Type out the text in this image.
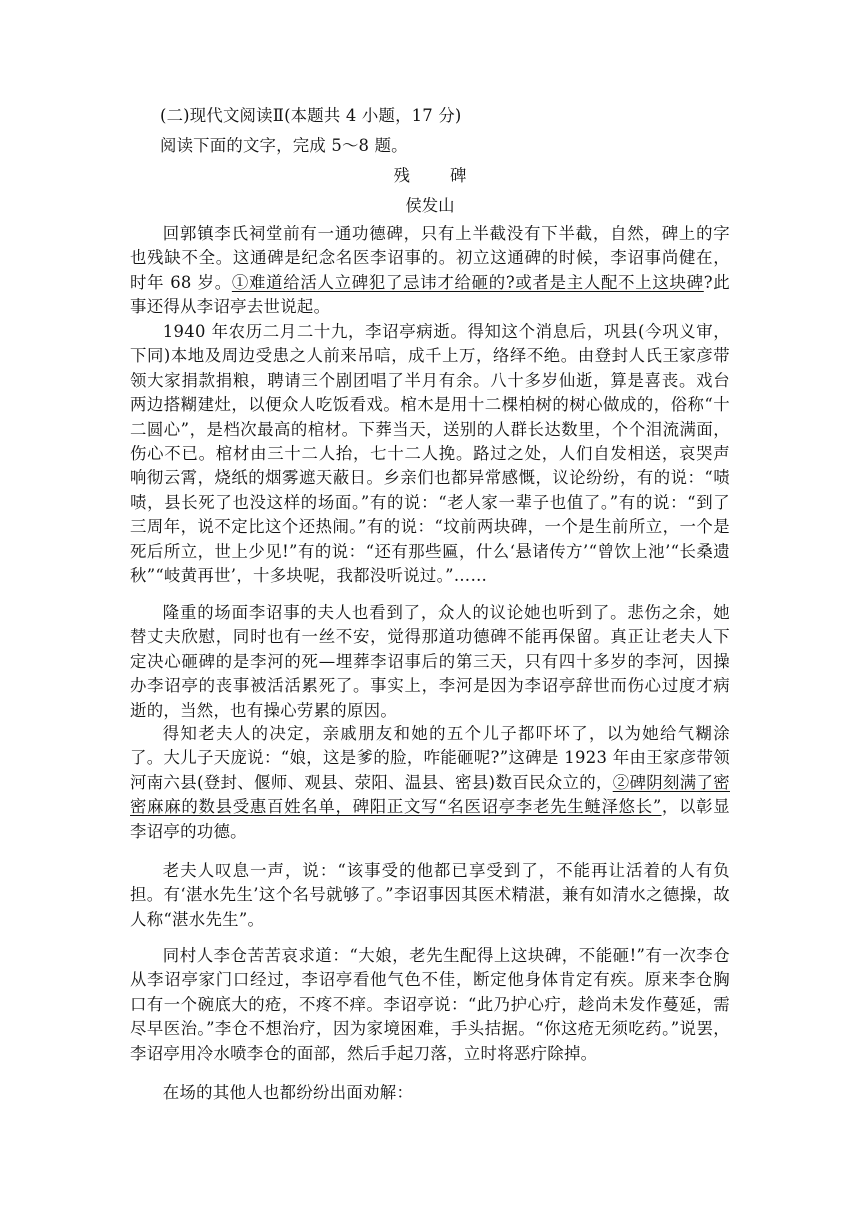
(二)现代文阅读Ⅱ(本题共 4 小题，17 分)
阅读下面的文字，完成 5～8 题。
残碑
侯发山
回郭镇李氏祠堂前有一通功德碑，只有上半截没有下半截，自然，碑上的字也残缺不全。这通碑是纪念名医李诏事的。初立这通碑的时候，李诏事尚健在，时年 68 岁。①难道给活人立碑犯了忌讳才给砸的?或者是主人配不上这块碑?此事还得从李诏亭去世说起。
1940 年农历二月二十九，李诏亭病逝。得知这个消息后，巩县(今巩义审，下同)本地及周边受患之人前来吊唁，成千上万，络绎不绝。由登封人氏王家彦带领大家捐款捐粮，聘请三个剧团唱了半月有余。八十多岁仙逝，算是喜丧。戏台两边搭糊建灶，以便众人吃饭看戏。棺木是用十二棵柏树的树心做成的，俗称“十二圆心”，是档次最高的棺材。下葬当天，送别的人群长达数里，个个泪流满面，伤心不已。棺材由三十二人抬，七十二人挽。路过之处，人们自发相送，哀哭声响彻云霄，烧纸的烟雾遮天蔽日。乡亲们也都异常感慨，议论纷纷，有的说：“啧啧，县长死了也没这样的场面。”有的说：“老人家一辈子也值了。”有的说：“到了三周年，说不定比这个还热闹。”有的说：“坟前两块碑，一个是生前所立，一个是死后所立，世上少见!”有的说：“还有那些匾，什么‘悬诸传方’“曾饮上池’“长桑遗秋”“岐黄再世’，十多块呢，我都没听说过。”……
隆重的场面李诏事的夫人也看到了，众人的议论她也听到了。悲伤之余，她替丈夫欣慰，同时也有一丝不安，觉得那道功德碑不能再保留。真正让老夫人下定决心砸碑的是李河的死—埋葬李诏事后的第三天，只有四十多岁的李河，因操办李诏亭的丧事被活活累死了。事实上，李河是因为李诏亭辞世而伤心过度才病逝的，当然，也有操心劳累的原因。
得知老夫人的决定，亲戚朋友和她的五个儿子都吓坏了，以为她给气糊涂了。大儿子天庞说：“娘，这是爹的脸，咋能砸呢?”这碑是 1923 年由王家彦带领河南六县(登封、偃师、观县、荥阳、温县、密县)数百民众立的，②碑阴刻满了密密麻麻的数县受惠百姓名单，碑阳正文写“名医诏亭李老先生鲢泽悠长”，以彰显李诏亭的功德。
老夫人叹息一声，说：“该事受的他都已享受到了，不能再让活着的人有负担。有‘湛水先生’这个名号就够了。”李诏事因其医术精湛，兼有如清水之德操，故人称“湛水先生”。
同村人李仓苦苦哀求道：“大娘，老先生配得上这块碑，不能砸!”有一次李仓从李诏亭家门口经过，李诏亭看他气色不佳，断定他身体肯定有疾。原来李仓胸口有一个碗底大的疮，不疼不痒。李诏亭说：“此乃护心疔，趁尚未发作蔓延，需尽早医治。”李仓不想治疗，因为家境困难，手头拮据。“你这疮无须吃药。”说罢，李诏亭用冷水喷李仓的面部，然后手起刀落，立时将恶疔除掉。
在场的其他人也都纷纷出面劝解：
